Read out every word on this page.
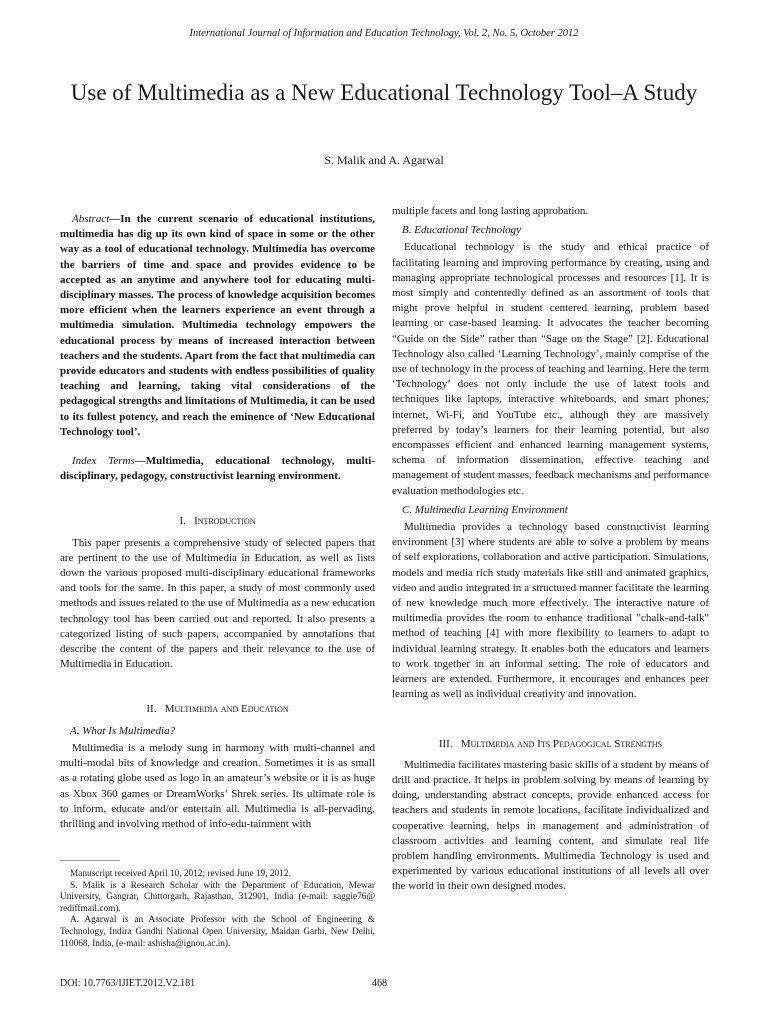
International Journal of Information and Education Technology, Vol. 2, No. 5, October 2012
Use of Multimedia as a New Educational Technology Tool–A Study
S. Malik and A. Agarwal

Abstract—In the current scenario of educational institutions, multimedia has dig up its own kind of space in some or the other way as a tool of educational technology. Multimedia has overcome the barriers of time and space and provides evidence to be accepted as an anytime and anywhere tool for educating multi-disciplinary masses. The process of knowledge acquisition becomes more efficient when the learners experience an event through a multimedia simulation. Multimedia technology empowers the educational process by means of increased interaction between teachers and the students. Apart from the fact that multimedia can provide educators and students with endless possibilities of quality teaching and learning, taking vital considerations of the pedagogical strengths and limitations of Multimedia, it can be used to its fullest potency, and reach the eminence of ‘New Educational Technology tool’.

Index Terms—Multimedia, educational technology, multi-disciplinary, pedagogy, constructivist learning environment.

I. Introduction

This paper presents a comprehensive study of selected papers that are pertinent to the use of Multimedia in Education, as well as lists down the various proposed multi-disciplinary educational frameworks and tools for the same. In this paper, a study of most commonly used methods and issues related to the use of Multimedia as a new education technology tool has been carried out and reported. It also presents a categorized listing of such papers, accompanied by annotations that describe the content of the papers and their relevance to the use of Multimedia in Education.

II. Multimedia and Education
A. What Is Multimedia?

Multimedia is a melody sung in harmony with multi-channel and multi-modal bits of knowledge and creation. Sometimes it is as small as a rotating globe used as logo in an amateur’s website or it is as huge as Xbox 360 games or DreamWorks’ Shrek series. Its ultimate role is to inform, educate and/or entertain all. Multimedia is all-pervading, thrilling and involving method of info-edu-tainment with

Manuscript received April 10, 2012; revised June 19, 2012.

S. Malik is a Research Scholar with the Department of Education, Mewar University, Gangrar, Chittorgarh, Rajasthan, 312901, India (e-mail: saggie76@ rediffmail.com).

A. Agarwal is an Associate Professor with the School of Engineering & Technology, Indira Gandhi National Open University, Maidan Garhi, New Delhi, 110068, India, (e-mail: ashisha@ignou.ac.in).

multiple facets and long lasting approbation.

B. Educational Technology

Educational technology is the study and ethical practice of facilitating learning and improving performance by creating, using and managing appropriate technological processes and resources [1]. It is most simply and contentedly defined as an assortment of tools that might prove helpful in student centered learning, problem based learning or case-based learning. It advocates the teacher becoming “Guide on the Side” rather than “Sage on the Stage” [2]. Educational Technology also called ‘Learning Technology’, mainly comprise of the use of technology in the process of teaching and learning. Here the term ‘Technology’ does not only include the use of latest tools and techniques like laptops, interactive whiteboards, and smart phones; internet, Wi-Fi, and YouTube etc., although they are massively preferred by today’s learners for their learning potential, but also encompasses efficient and enhanced learning management systems, schema of information dissemination, effective teaching and management of student masses, feedback mechanisms and performance evaluation methodologies etc.

C. Multimedia Learning Environment

Multimedia provides a technology based constructivist learning environment [3] where students are able to solve a problem by means of self explorations, collaboration and active participation. Simulations, models and media rich study materials like still and animated graphics, video and audio integrated in a structured manner facilitate the learning of new knowledge much more effectively. The interactive nature of multimedia provides the room to enhance traditional "chalk-and-talk" method of teaching [4] with more flexibility to learners to adapt to individual learning strategy. It enables both the educators and learners to work together in an informal setting. The role of educators and learners are extended. Furthermore, it encourages and enhances peer learning as well as individual creativity and innovation.

III. Multimedia and Its Pedagogical Strengths

Multimedia facilitates mastering basic skills of a student by means of drill and practice. It helps in problem solving by means of learning by doing, understanding abstract concepts, provide enhanced access for teachers and students in remote locations, facilitate individualized and cooperative learning, helps in management and administration of classroom activities and learning content, and simulate real life problem handling environments. Multimedia Technology is used and experimented by various educational institutions of all levels all over the world in their own designed modes.

DOI: 10.7763/IJIET.2012.V2.181	468
